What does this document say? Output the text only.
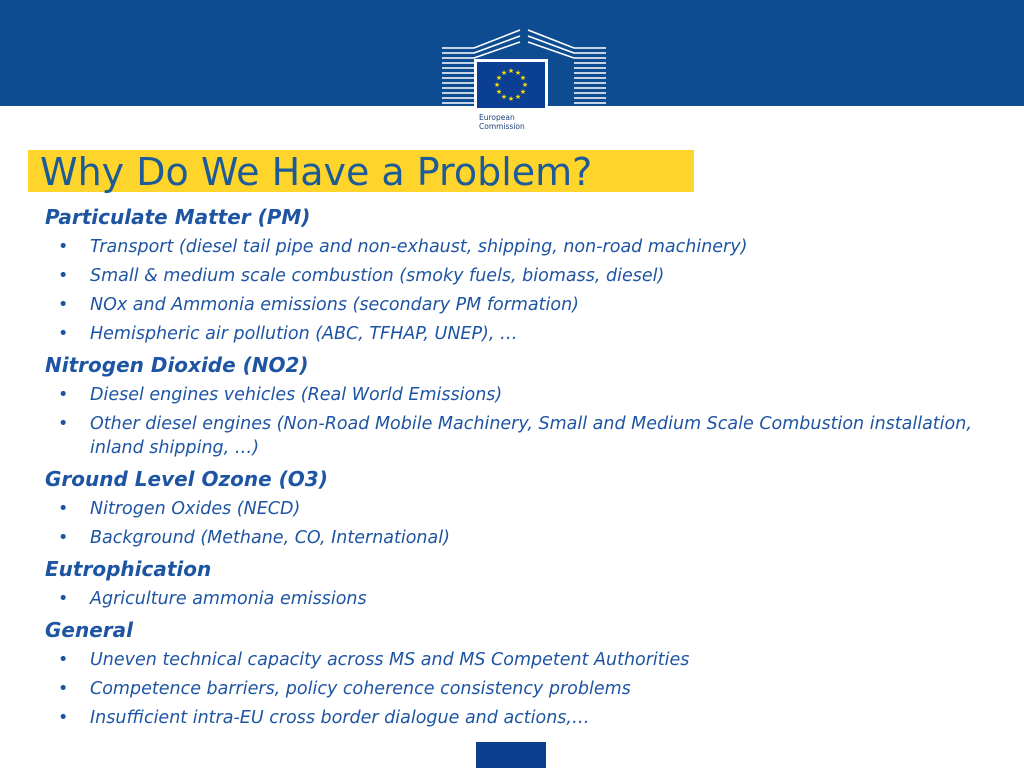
★ ★
★
★
★
★
★
★
★
★
★
★
European
Commission
Why Do We Have a Problem?
Particulate Matter (PM)
• Transport (diesel tail pipe and non-exhaust, shipping, non-road machinery)
• Small & medium scale combustion (smoky fuels, biomass, diesel)
• NOx and Ammonia emissions (secondary PM formation)
• Hemispheric air pollution (ABC, TFHAP, UNEP), …
Nitrogen Dioxide (NO2)
• Diesel engines vehicles (Real World Emissions)
• Other diesel engines (Non-Road Mobile Machinery, Small and Medium Scale Combustion installation, inland shipping, …)
Ground Level Ozone (O3)
• Nitrogen Oxides (NECD)
• Background (Methane, CO, International)
Eutrophication
• Agriculture ammonia emissions
General
• Uneven technical capacity across MS and MS Competent Authorities
• Competence barriers, policy coherence consistency problems
• Insufficient intra-EU cross border dialogue and actions,…
